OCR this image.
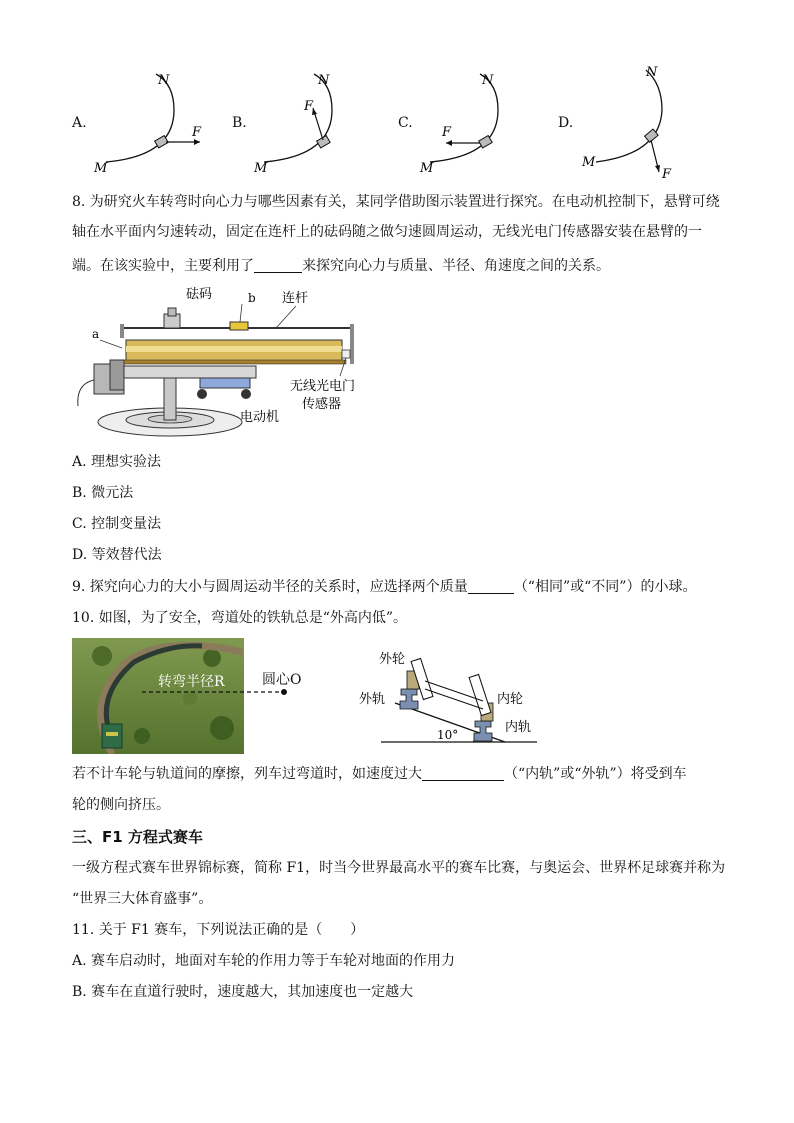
A.
N
M
F
B.
N
M
F
C.
N
M
F
D.
N
M
F
8. 为研究火车转弯时向心力与哪些因素有关，某同学借助图示装置进行探究。在电动机控制下，悬臂可绕
轴在水平面内匀速转动，固定在连杆上的砝码随之做匀速圆周运动，无线光电门传感器安装在悬臂的一
端。在该实验中，主要利用了	来探究向心力与质量、半径、角速度之间的关系。
砝码	b 连杆
a
无线光电门
传感器
电动机
A. 理想实验法
B. 微元法
C. 控制变量法
D. 等效替代法
9. 探究向心力的大小与圆周运动半径的关系时，应选择两个质量	（“相同”或“不同”）的小球。
10. 如图，为了安全，弯道处的铁轨总是“外高内低”。
转弯半径R	圆心O
外轮
外轨	内轮
内轨
10°
若不计车轮与轨道间的摩擦，列车过弯道时，如速度过大	（“内轨”或“外轨”）将受到车
轮的侧向挤压。
三、F1 方程式赛车
一级方程式赛车世界锦标赛，简称 F1，时当今世界最高水平的赛车比赛，与奥运会、世界杯足球赛并称为
“世界三大体育盛事”。
11. 关于 F1 赛车，下列说法正确的是（　　）
A. 赛车启动时，地面对车轮的作用力等于车轮对地面的作用力
B. 赛车在直道行驶时，速度越大，其加速度也一定越大
